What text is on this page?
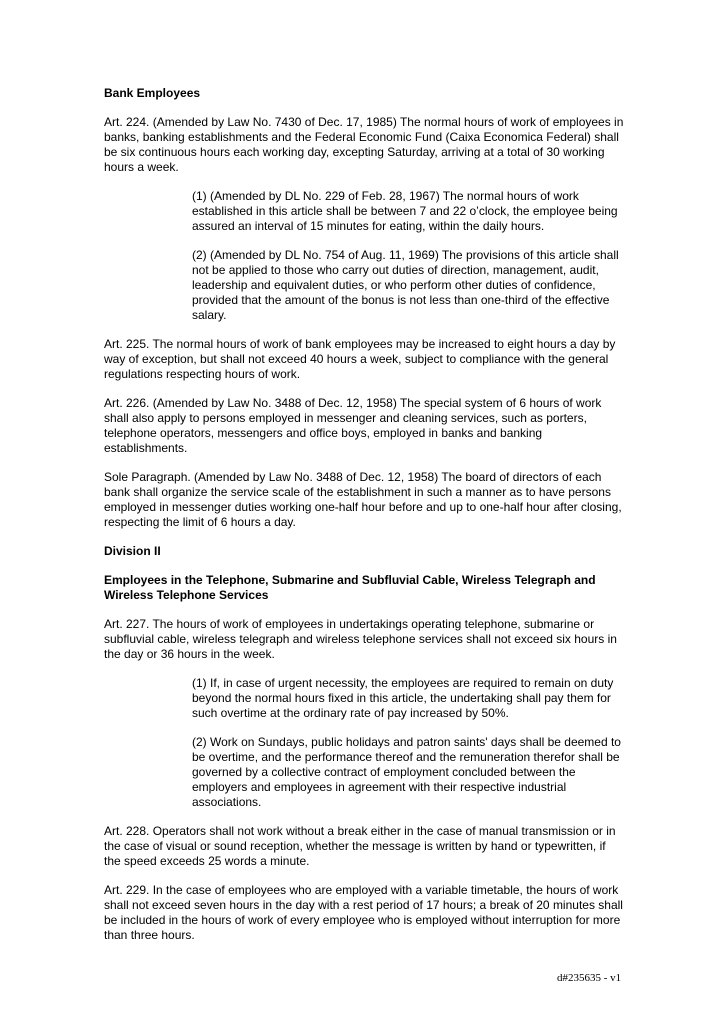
Bank Employees

Art. 224. (Amended by Law No. 7430 of Dec. 17, 1985) The normal hours of work of employees in banks, banking establishments and the Federal Economic Fund (Caixa Economica Federal) shall be six continuous hours each working day, excepting Saturday, arriving at a total of 30 working hours a week.

(1) (Amended by DL No. 229 of Feb. 28, 1967) The normal hours of work established in this article shall be between 7 and 22 o’clock, the employee being assured an interval of 15 minutes for eating, within the daily hours.

(2) (Amended by DL No. 754 of Aug. 11, 1969) The provisions of this article shall not be applied to those who carry out duties of direction, management, audit, leadership and equivalent duties, or who perform other duties of confidence, provided that the amount of the bonus is not less than one-third of the effective salary.

Art. 225. The normal hours of work of bank employees may be increased to eight hours a day by way of exception, but shall not exceed 40 hours a week, subject to compliance with the general regulations respecting hours of work.

Art. 226. (Amended by Law No. 3488 of Dec. 12, 1958) The special system of 6 hours of work shall also apply to persons employed in messenger and cleaning services, such as porters, telephone operators, messengers and office boys, employed in banks and banking establishments.

Sole Paragraph. (Amended by Law No. 3488 of Dec. 12, 1958) The board of directors of each bank shall organize the service scale of the establishment in such a manner as to have persons employed in messenger duties working one-half hour before and up to one-half hour after closing, respecting the limit of 6 hours a day.

Division II

Employees in the Telephone, Submarine and Subfluvial Cable, Wireless Telegraph and Wireless Telephone Services

Art. 227. The hours of work of employees in undertakings operating telephone, submarine or subfluvial cable, wireless telegraph and wireless telephone services shall not exceed six hours in the day or 36 hours in the week.

(1) If, in case of urgent necessity, the employees are required to remain on duty beyond the normal hours fixed in this article, the undertaking shall pay them for such overtime at the ordinary rate of pay increased by 50%.

(2) Work on Sundays, public holidays and patron saints' days shall be deemed to be overtime, and the performance thereof and the remuneration therefor shall be governed by a collective contract of employment concluded between the employers and employees in agreement with their respective industrial associations.

Art. 228. Operators shall not work without a break either in the case of manual transmission or in the case of visual or sound reception, whether the message is written by hand or typewritten, if the speed exceeds 25 words a minute.

Art. 229. In the case of employees who are employed with a variable timetable, the hours of work shall not exceed seven hours in the day with a rest period of 17 hours; a break of 20 minutes shall be included in the hours of work of every employee who is employed without interruption for more than three hours.

d#235635 - v1
